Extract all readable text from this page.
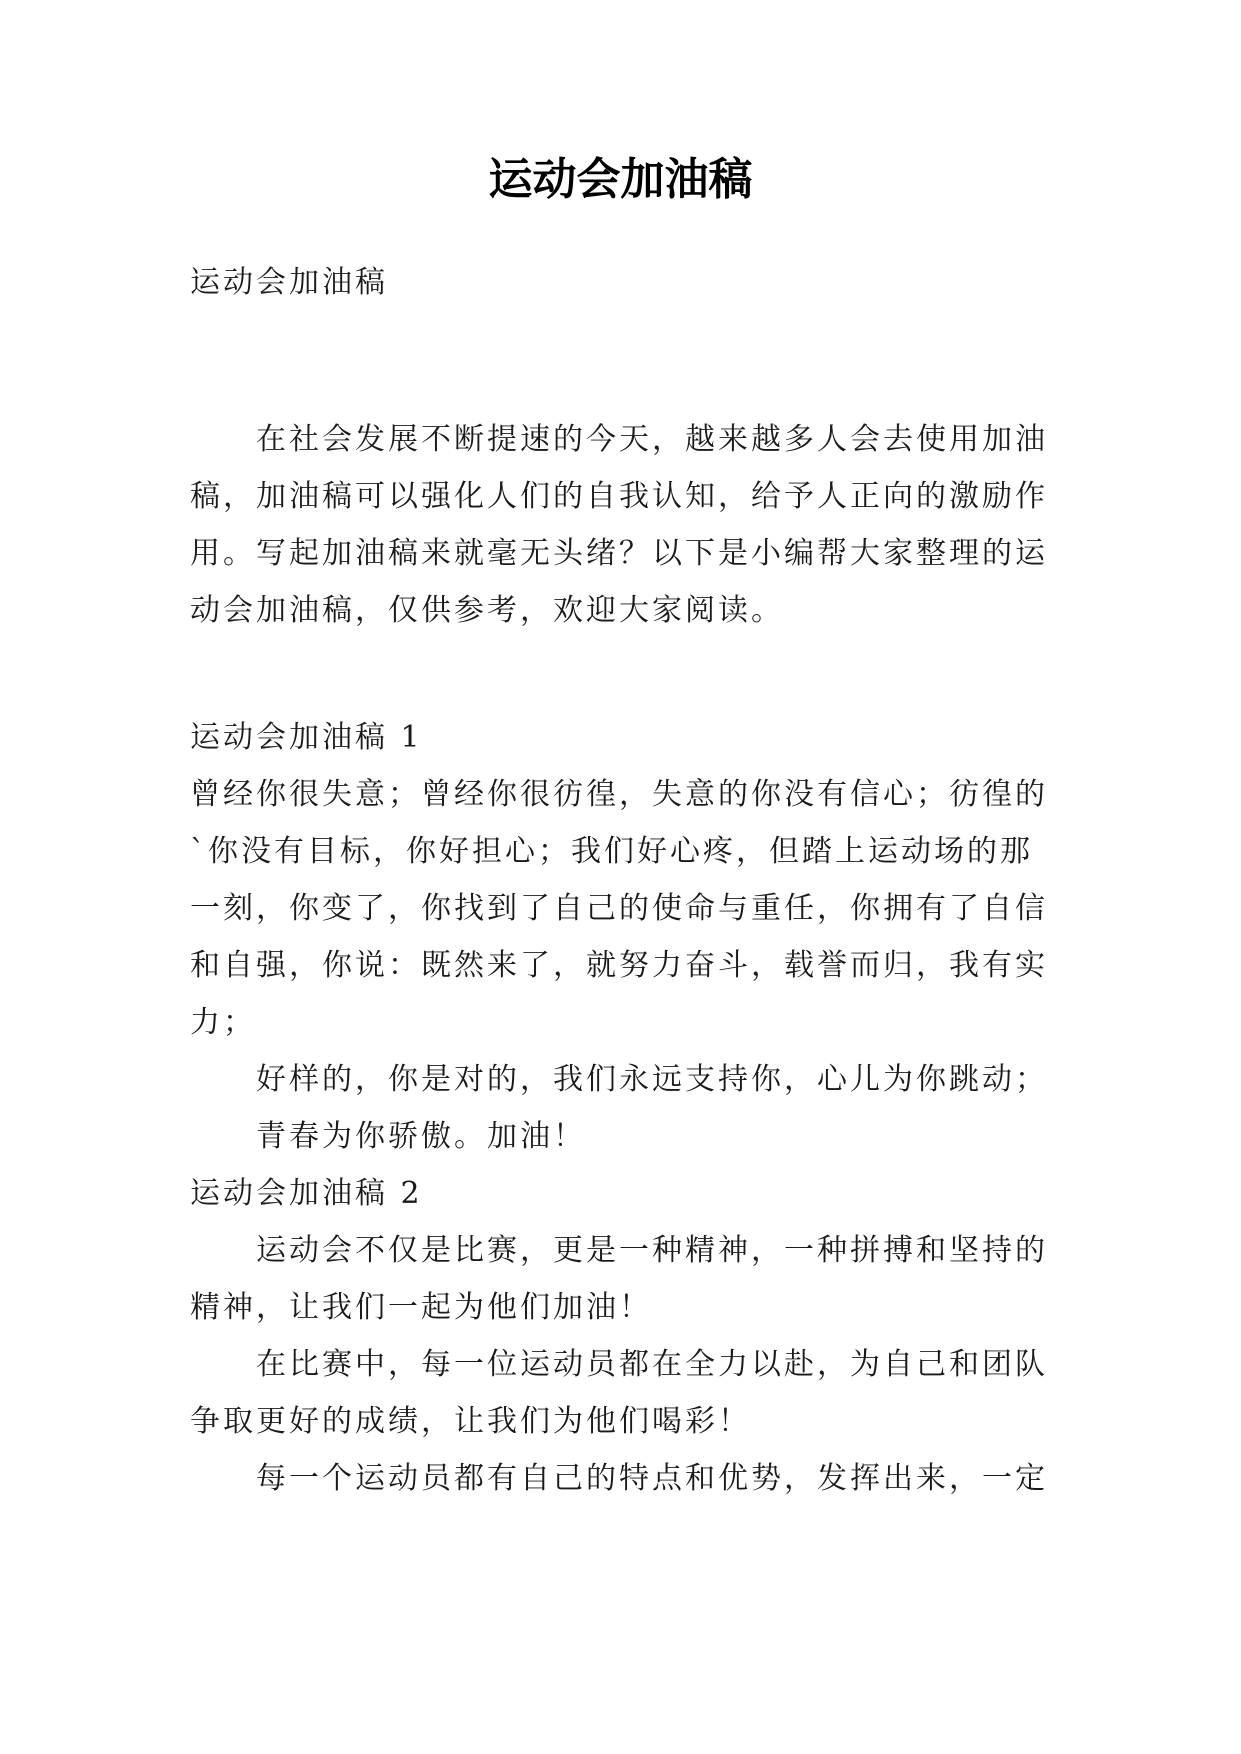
运动会加油稿
运动会加油稿
在社会发展不断提速的今天，越来越多人会去使用加油
稿，加油稿可以强化人们的自我认知，给予人正向的激励作
用。写起加油稿来就毫无头绪？以下是小编帮大家整理的运
动会加油稿，仅供参考，欢迎大家阅读。
运动会加油稿 1
曾经你很失意；曾经你很彷徨，失意的你没有信心；彷徨的
`你没有目标，你好担心；我们好心疼，但踏上运动场的那
一刻，你变了，你找到了自己的使命与重任，你拥有了自信
和自强，你说：既然来了，就努力奋斗，载誉而归，我有实
力；
好样的，你是对的，我们永远支持你，心儿为你跳动；
青春为你骄傲。加油！
运动会加油稿 2
运动会不仅是比赛，更是一种精神，一种拼搏和坚持的
精神，让我们一起为他们加油！
在比赛中，每一位运动员都在全力以赴，为自己和团队
争取更好的成绩，让我们为他们喝彩！
每一个运动员都有自己的特点和优势，发挥出来，一定
